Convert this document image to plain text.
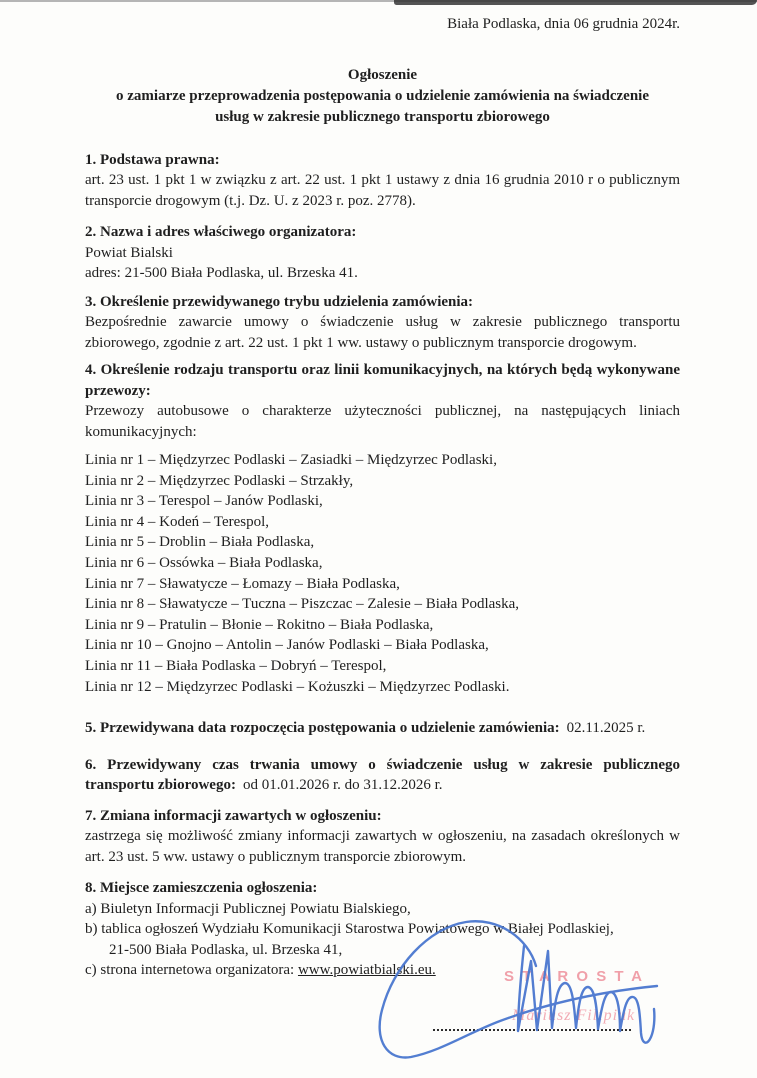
Biała Podlaska, dnia 06 grudnia 2024r.

Ogłoszenie
o zamiarze przeprowadzenia postępowania o udzielenie zamówienia na świadczenie
usług w zakresie publicznego transportu zbiorowego

1. Podstawa prawna:

art. 23 ust. 1 pkt 1 w związku z art. 22 ust. 1 pkt 1 ustawy z dnia 16 grudnia 2010 r o publicznym transporcie drogowym (t.j. Dz. U. z 2023 r. poz. 2778).

2. Nazwa i adres właściwego organizatora:

Powiat Bialski

adres: 21-500 Biała Podlaska, ul. Brzeska 41.

3. Określenie przewidywanego trybu udzielenia zamówienia:

Bezpośrednie zawarcie umowy o świadczenie usług w zakresie publicznego transportu zbiorowego, zgodnie z art. 22 ust. 1 pkt 1 ww. ustawy o publicznym transporcie drogowym.

4. Określenie rodzaju transportu oraz linii komunikacyjnych, na których będą wykonywane przewozy:

Przewozy autobusowe o charakterze użyteczności publicznej, na następujących liniach komunikacyjnych:

Linia nr 1 – Międzyrzec Podlaski – Zasiadki – Międzyrzec Podlaski,
Linia nr 2 – Międzyrzec Podlaski – Strzakły,
Linia nr 3 – Terespol – Janów Podlaski,
Linia nr 4 – Kodeń – Terespol,
Linia nr 5 – Droblin – Biała Podlaska,
Linia nr 6 – Ossówka – Biała Podlaska,
Linia nr 7 – Sławatycze – Łomazy – Biała Podlaska,
Linia nr 8 – Sławatycze – Tuczna – Piszczac – Zalesie – Biała Podlaska,
Linia nr 9 – Pratulin – Błonie – Rokitno – Biała Podlaska,
Linia nr 10 – Gnojno – Antolin – Janów Podlaski – Biała Podlaska,
Linia nr 11 – Biała Podlaska – Dobryń – Terespol,
Linia nr 12 – Międzyrzec Podlaski – Kożuszki – Międzyrzec Podlaski.

5. Przewidywana data rozpoczęcia postępowania o udzielenie zamówienia: 02.11.2025 r.

6. Przewidywany czas trwania umowy o świadczenie usług w zakresie publicznego transportu zbiorowego: od 01.01.2026 r. do 31.12.2026 r.

7. Zmiana informacji zawartych w ogłoszeniu:

zastrzega się możliwość zmiany informacji zawartych w ogłoszeniu, na zasadach określonych w art. 23 ust. 5 ww. ustawy o publicznym transporcie zbiorowym.

8. Miejsce zamieszczenia ogłoszenia:

a) Biuletyn Informacji Publicznej Powiatu Bialskiego,

b) tablica ogłoszeń Wydziału Komunikacji Starostwa Powiatowego w Białej Podlaskiej,

21-500 Biała Podlaska, ul. Brzeska 41,

c) strona internetowa organizatora: www.powiatbialski.eu.	S T A R O S T A
Mariusz Filipiuk
